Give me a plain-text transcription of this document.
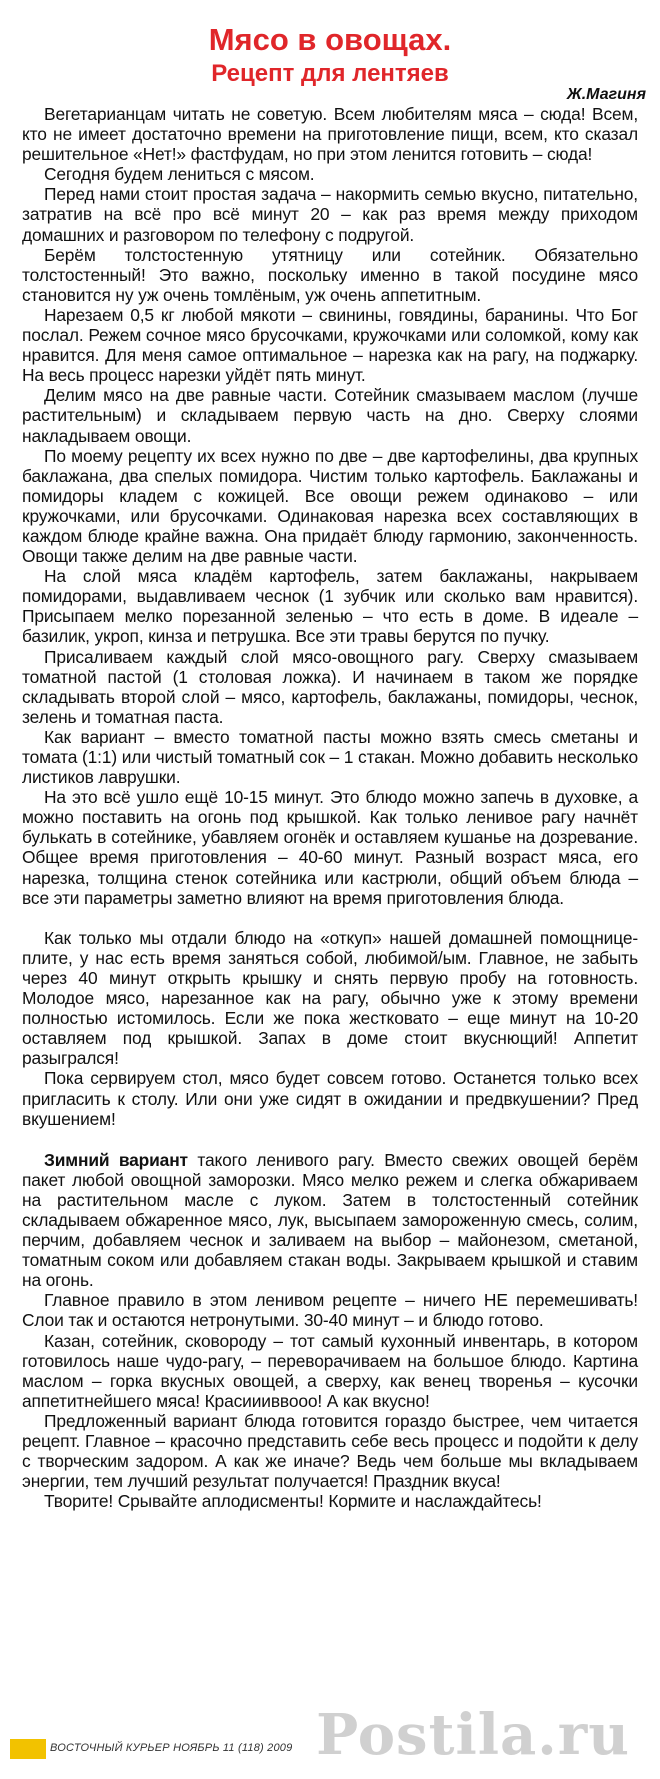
Мясо в овощах.
Рецепт для лентяев
Ж.Магиня

Вегетарианцам читать не советую. Всем любителям мяса – сюда! Всем, кто не имеет достаточно времени на приготовление пищи, всем, кто сказал решительное «Нет!» фастфудам, но при этом ленится готовить – сюда!

Сегодня будем лениться с мясом.

Перед нами стоит простая задача – накормить семью вкусно, питательно, затратив на всё про всё минут 20 – как раз время между приходом домашних и разговором по телефону с подругой.

Берём толстостенную утятницу или сотейник. Обязательно толстостенный! Это важно, поскольку именно в такой посудине мясо становится ну уж очень томлёным, уж очень аппетитным.

Нарезаем 0,5 кг любой мякоти – свинины, говядины, баранины. Что Бог послал. Режем сочное мясо брусочками, кружочками или соломкой, кому как нравится. Для меня самое оптимальное – нарезка как на рагу, на поджарку. На весь процесс нарезки уйдёт пять минут.

Делим мясо на две равные части. Сотейник смазываем маслом (лучше растительным) и складываем первую часть на дно. Сверху слоями накладываем овощи.

По моему рецепту их всех нужно по две – две картофелины, два крупных баклажана, два спелых помидора. Чистим только картофель. Баклажаны и помидоры кладем с кожицей. Все овощи режем одинаково – или кружочками, или брусочками. Одинаковая нарезка всех составляющих в каждом блюде крайне важна. Она придаёт блюду гармонию, законченность. Овощи также делим на две равные части.

На слой мяса кладём картофель, затем баклажаны, накрываем помидорами, выдавливаем чеснок (1 зубчик или сколько вам нравится). Присыпаем мелко порезанной зеленью – что есть в доме. В идеале – базилик, укроп, кинза и петрушка. Все эти травы берутся по пучку.

Присаливаем каждый слой мясо-овощного рагу. Сверху смазываем томатной пастой (1 столовая ложка). И начинаем в таком же порядке складывать второй слой – мясо, картофель, баклажаны, помидоры, чеснок, зелень и томатная паста.

Как вариант – вместо томатной пасты можно взять смесь сметаны и томата (1:1) или чистый томатный сок – 1 стакан. Можно добавить несколько листиков лаврушки.

На это всё ушло ещё 10-15 минут. Это блюдо можно запечь в духовке, а можно поставить на огонь под крышкой. Как только ленивое рагу начнёт булькать в сотейнике, убавляем огонёк и оставляем кушанье на дозревание. Общее время приготовления – 40-60 минут. Разный возраст мяса, его нарезка, толщина стенок сотейника или кастрюли, общий объем блюда – все эти параметры заметно влияют на время приготовления блюда.

Как только мы отдали блюдо на «откуп» нашей домашней помощнице-плите, у нас есть время заняться собой, любимой/ым. Главное, не забыть через 40 минут открыть крышку и снять первую пробу на готовность. Молодое мясо, нарезанное как на рагу, обычно уже к этому времени полностью истомилось. Если же пока жестковато – еще минут на 10-20 оставляем под крышкой. Запах в доме стоит вкуснющий! Аппетит разыгрался!

Пока сервируем стол, мясо будет совсем готово. Останется только всех пригласить к столу. Или они уже сидят в ожидании и предвкушении? Пред вкушением!

Зимний вариант такого ленивого рагу. Вместо свежих овощей берём пакет любой овощной заморозки. Мясо мелко режем и слегка обжариваем на растительном масле с луком. Затем в толстостенный сотейник складываем обжаренное мясо, лук, высыпаем замороженную смесь, солим, перчим, добавляем чеснок и заливаем на выбор – майонезом, сметаной, томатным соком или добавляем стакан воды. Закрываем крышкой и ставим на огонь.

Главное правило в этом ленивом рецепте – ничего НЕ перемешивать! Слои так и остаются нетронутыми. 30-40 минут – и блюдо готово.

Казан, сотейник, сковороду – тот самый кухонный инвентарь, в котором готовилось наше чудо-рагу, – переворачиваем на большое блюдо. Картина маслом – горка вкусных овощей, а сверху, как венец творенья – кусочки аппетитнейшего мяса! Красиииввооо! А как вкусно!

Предложенный вариант блюда готовится гораздо быстрее, чем читается рецепт. Главное – красочно представить себе весь процесс и подойти к делу с творческим задором. А как же иначе? Ведь чем больше мы вкладываем энергии, тем лучший результат получается! Праздник вкуса!

Творите! Срывайте аплодисменты! Кормите и наслаждайтесь!

Postila.ru
ВОСТОЧНЫЙ КУРЬЕР НОЯБРЬ 11 (118) 2009
